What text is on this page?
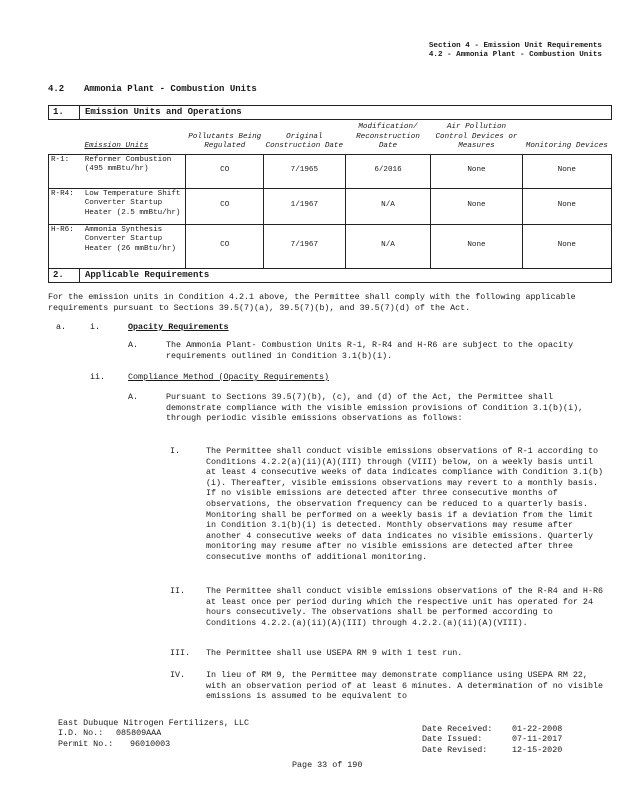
Section 4 - Emission Unit Requirements
4.2 - Ammonia Plant - Combustion Units
4.2 Ammonia Plant - Combustion Units
1. Emission Units and Operations
Emission Units		Pollutants Being Regulated	Original Construction Date	Modification/ Reconstruction Date	Air Pollution Control Devices or Measures	Monitoring Devices
R-1:	Reformer Combustion (495 mmBtu/hr)	CO	7/1965	6/2016	None	None
R-R4:	Low Temperature Shift Converter Startup Heater (2.5 mmBtu/hr)	CO	1/1967	N/A	None	None
H-R6:	Ammonia Synthesis Converter Startup Heater (26 mmBtu/hr)	CO	7/1967	N/A	None	None
2. Applicable Requirements
For the emission units in Condition 4.2.1 above, the Permittee shall comply with the following applicable requirements pursuant to Sections 39.5(7)(a), 39.5(7)(b), and 39.5(7)(d) of the Act.
a.	i.	Opacity Requirements
A.	The Ammonia Plant- Combustion Units R-1, R-R4 and H-R6 are subject to the opacity requirements outlined in Condition 3.1(b)(i).
ii.	Compliance Method (Opacity Requirements)
A.	Pursuant to Sections 39.5(7)(b), (c), and (d) of the Act, the Permittee shall demonstrate compliance with the visible emission provisions of Condition 3.1(b)(i), through periodic visible emissions observations as follows:
I.	The Permittee shall conduct visible emissions observations of R-1 according to Conditions 4.2.2(a)(ii)(A)(III) through (VIII) below, on a weekly basis until at least 4 consecutive weeks of data indicates compliance with Condition 3.1(b)(i). Thereafter, visible emissions observations may revert to a monthly basis. If no visible emissions are detected after three consecutive months of observations, the observation frequency can be reduced to a quarterly basis. Monitoring shall be performed on a weekly basis if a deviation from the limit in Condition 3.1(b)(i) is detected. Monthly observations may resume after another 4 consecutive weeks of data indicates no visible emissions. Quarterly monitoring may resume after no visible emissions are detected after three consecutive months of additional monitoring.
II. The Permittee shall conduct visible emissions observations of the R-R4 and H-R6 at least once per period during which the respective unit has operated for 24 hours consecutively. The observations shall be performed according to Conditions 4.2.2.(a)(ii)(A)(III) through 4.2.2.(a)(ii)(A)(VIII).
III. The Permittee shall use USEPA RM 9 with 1 test run.
IV. In lieu of RM 9, the Permittee may demonstrate compliance using USEPA RM 22, with an observation period of at least 6 minutes. A determination of no visible emissions is assumed to be equivalent to
East Dubuque Nitrogen Fertilizers, LLC
I.D. No.: 085809AAA
Permit No.: 96010003
Date Received: 01-22-2008
Date Issued:	07-11-2017
Date Revised:	12-15-2020
Page 33 of 190
